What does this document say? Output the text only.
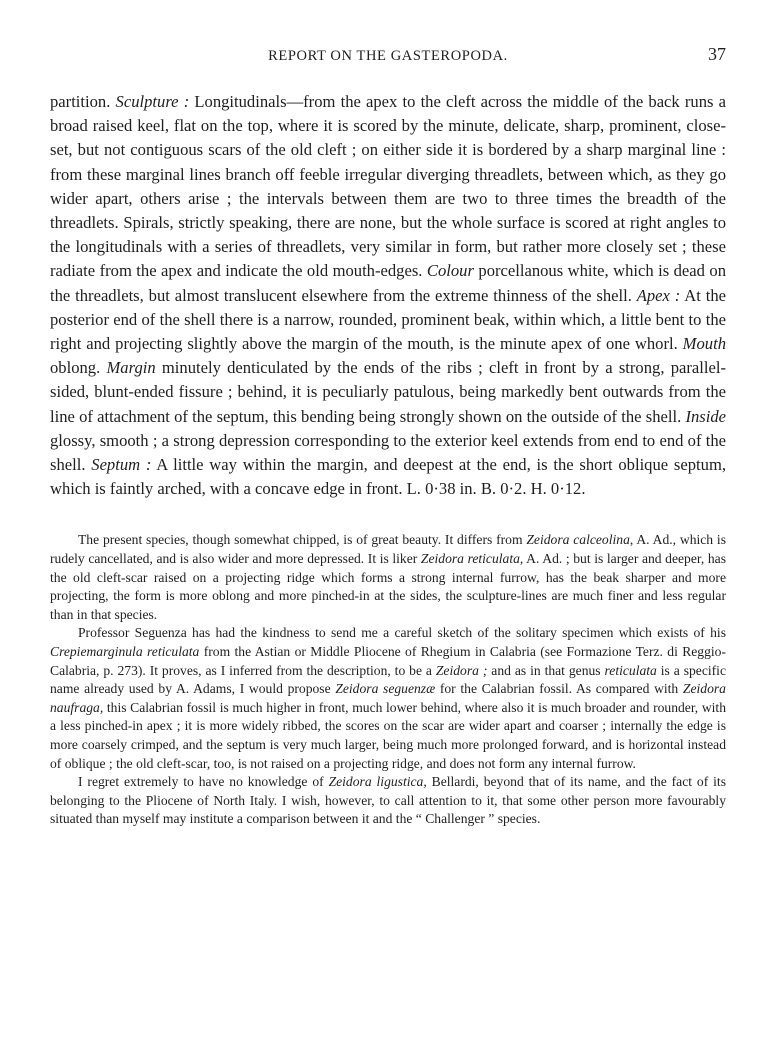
REPORT ON THE GASTEROPODA.	37

partition. Sculpture : Longitudinals—from the apex to the cleft across the middle of the back runs a broad raised keel, flat on the top, where it is scored by the minute, delicate, sharp, prominent, close-set, but not contiguous scars of the old cleft ; on either side it is bordered by a sharp marginal line : from these marginal lines branch off feeble irregular diverging threadlets, between which, as they go wider apart, others arise ; the intervals between them are two to three times the breadth of the threadlets. Spirals, strictly speaking, there are none, but the whole surface is scored at right angles to the longitudinals with a series of threadlets, very similar in form, but rather more closely set ; these radiate from the apex and indicate the old mouth-edges. Colour porcellanous white, which is dead on the threadlets, but almost translucent elsewhere from the extreme thinness of the shell. Apex : At the posterior end of the shell there is a narrow, rounded, prominent beak, within which, a little bent to the right and projecting slightly above the margin of the mouth, is the minute apex of one whorl. Mouth oblong. Margin minutely denticulated by the ends of the ribs ; cleft in front by a strong, parallel-sided, blunt-ended fissure ; behind, it is peculiarly patulous, being markedly bent outwards from the line of attachment of the septum, this bending being strongly shown on the outside of the shell. Inside glossy, smooth ; a strong depression corresponding to the exterior keel extends from end to end of the shell. Septum : A little way within the margin, and deepest at the end, is the short oblique septum, which is faintly arched, with a concave edge in front. L. 0·38 in. B. 0·2. H. 0·12.

The present species, though somewhat chipped, is of great beauty. It differs from Zeidora calceolina, A. Ad., which is rudely cancellated, and is also wider and more depressed. It is liker Zeidora reticulata, A. Ad. ; but is larger and deeper, has the old cleft-scar raised on a projecting ridge which forms a strong internal furrow, has the beak sharper and more projecting, the form is more oblong and more pinched-in at the sides, the sculpture-lines are much finer and less regular than in that species.

Professor Seguenza has had the kindness to send me a careful sketch of the solitary specimen which exists of his Crepiemarginula reticulata from the Astian or Middle Pliocene of Rhegium in Calabria (see Formazione Terz. di Reggio-Calabria, p. 273). It proves, as I inferred from the description, to be a Zeidora ; and as in that genus reticulata is a specific name already used by A. Adams, I would propose Zeidora seguenzæ for the Calabrian fossil. As compared with Zeidora naufraga, this Calabrian fossil is much higher in front, much lower behind, where also it is much broader and rounder, with a less pinched-in apex ; it is more widely ribbed, the scores on the scar are wider apart and coarser ; internally the edge is more coarsely crimped, and the septum is very much larger, being much more prolonged forward, and is horizontal instead of oblique ; the old cleft-scar, too, is not raised on a projecting ridge, and does not form any internal furrow.

I regret extremely to have no knowledge of Zeidora ligustica, Bellardi, beyond that of its name, and the fact of its belonging to the Pliocene of North Italy. I wish, however, to call attention to it, that some other person more favourably situated than myself may institute a comparison between it and the “ Challenger ” species.
